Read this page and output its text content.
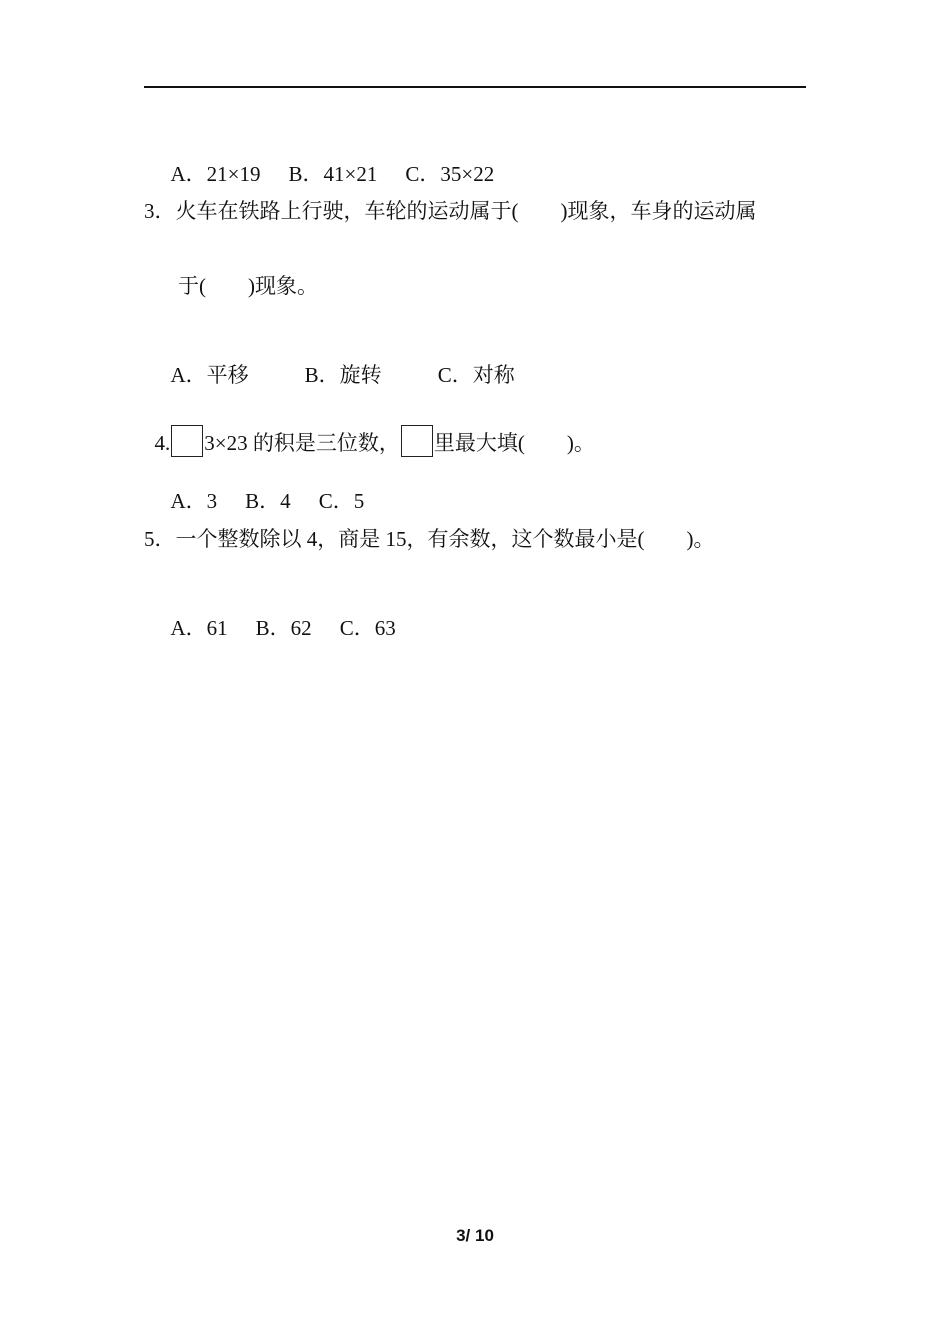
A．21×19 B．41×21 C．35×22

3．火车在铁路上行驶，车轮的运动属于(　　)现象，车身的运动属
于(　　)现象。

A．平移	B．旋转	C．对称

4. 3×23 的积是三位数， 里最大填(　　)。

A．3 B．4 C．5

5．一个整数除以 4，商是 15，有余数，这个数最小是(　　)。

A．61 B．62 C．63

3/ 10
